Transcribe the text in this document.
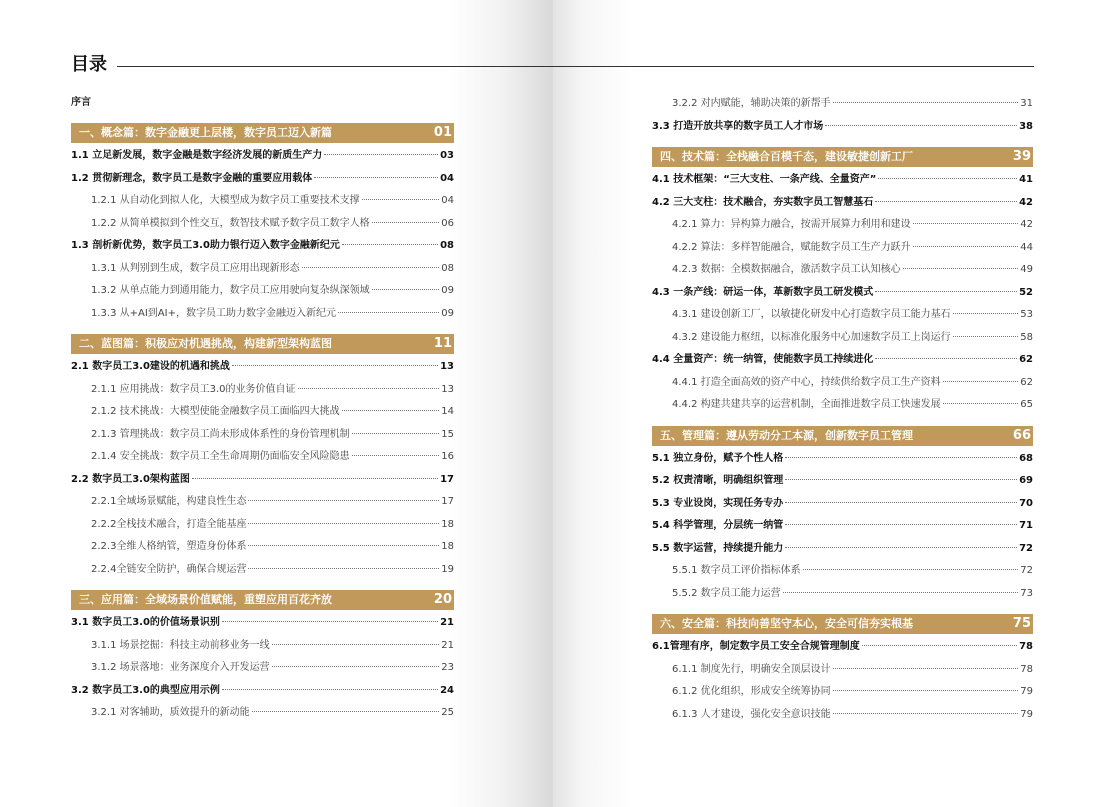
目录
序言
一、概念篇：数字金融更上层楼，数字员工迈入新篇	01
1.1 立足新发展，数字金融是数字经济发展的新质生产力	03
1.2 贯彻新理念，数字员工是数字金融的重要应用载体	04
1.2.1 从自动化到拟人化，大模型成为数字员工重要技术支撑	04
1.2.2 从简单模拟到个性交互，数智技术赋予数字员工数字人格	06
1.3 剖析新优势，数字员工3.0助力银行迈入数字金融新纪元	08
1.3.1 从判别到生成，数字员工应用出现新形态	08
1.3.2 从单点能力到通用能力，数字员工应用驶向复杂纵深领域	09
1.3.3 从+AI到AI+，数字员工助力数字金融迈入新纪元	09
二、蓝图篇：积极应对机遇挑战，构建新型架构蓝图	11
2.1 数字员工3.0建设的机遇和挑战	13
2.1.1 应用挑战：数字员工3.0的业务价值自证	13
2.1.2 技术挑战：大模型使能金融数字员工面临四大挑战	14
2.1.3 管理挑战：数字员工尚未形成体系性的身份管理机制	15
2.1.4 安全挑战：数字员工全生命周期仍面临安全风险隐患	16
2.2 数字员工3.0架构蓝图	17
2.2.1全域场景赋能，构建良性生态	17
2.2.2全栈技术融合，打造全能基座	18
2.2.3全维人格纳管，塑造身份体系	18
2.2.4全链安全防护，确保合规运营	19
三、应用篇：全域场景价值赋能，重塑应用百花齐放	20
3.1 数字员工3.0的价值场景识别	21
3.1.1 场景挖掘：科技主动前移业务一线	21
3.1.2 场景落地：业务深度介入开发运营	23
3.2 数字员工3.0的典型应用示例	24
3.2.1 对客辅助，质效提升的新动能	25
3.2.2 对内赋能，辅助决策的新帮手	31
3.3 打造开放共享的数字员工人才市场	38
四、技术篇：全栈融合百模千态，建设敏捷创新工厂	39
4.1 技术框架：“三大支柱、一条产线、全量资产”	41
4.2 三大支柱：技术融合，夯实数字员工智慧基石	42
4.2.1 算力：异构算力融合，按需开展算力利用和建设	42
4.2.2 算法：多样智能融合，赋能数字员工生产力跃升	44
4.2.3 数据：全模数据融合，激活数字员工认知核心	49
4.3 一条产线：研运一体，革新数字员工研发模式	52
4.3.1 建设创新工厂，以敏捷化研发中心打造数字员工能力基石	53
4.3.2 建设能力枢纽，以标准化服务中心加速数字员工上岗运行	58
4.4 全量资产：统一纳管，使能数字员工持续进化	62
4.4.1 打造全面高效的资产中心，持续供给数字员工生产资料	62
4.4.2 构建共建共享的运营机制，全面推进数字员工快速发展	65
五、管理篇：遵从劳动分工本源，创新数字员工管理	66
5.1 独立身份，赋予个性人格	68
5.2 权责清晰，明确组织管理	69
5.3 专业设岗，实现任务专办	70
5.4 科学管理，分层统一纳管	71
5.5 数字运营，持续提升能力	72
5.5.1 数字员工评价指标体系	72
5.5.2 数字员工能力运营	73
六、安全篇：科技向善坚守本心，安全可信夯实根基	75
6.1管理有序，制定数字员工安全合规管理制度	78
6.1.1 制度先行，明确安全顶层设计	78
6.1.2 优化组织，形成安全统筹协同	79
6.1.3 人才建设，强化安全意识技能	79
